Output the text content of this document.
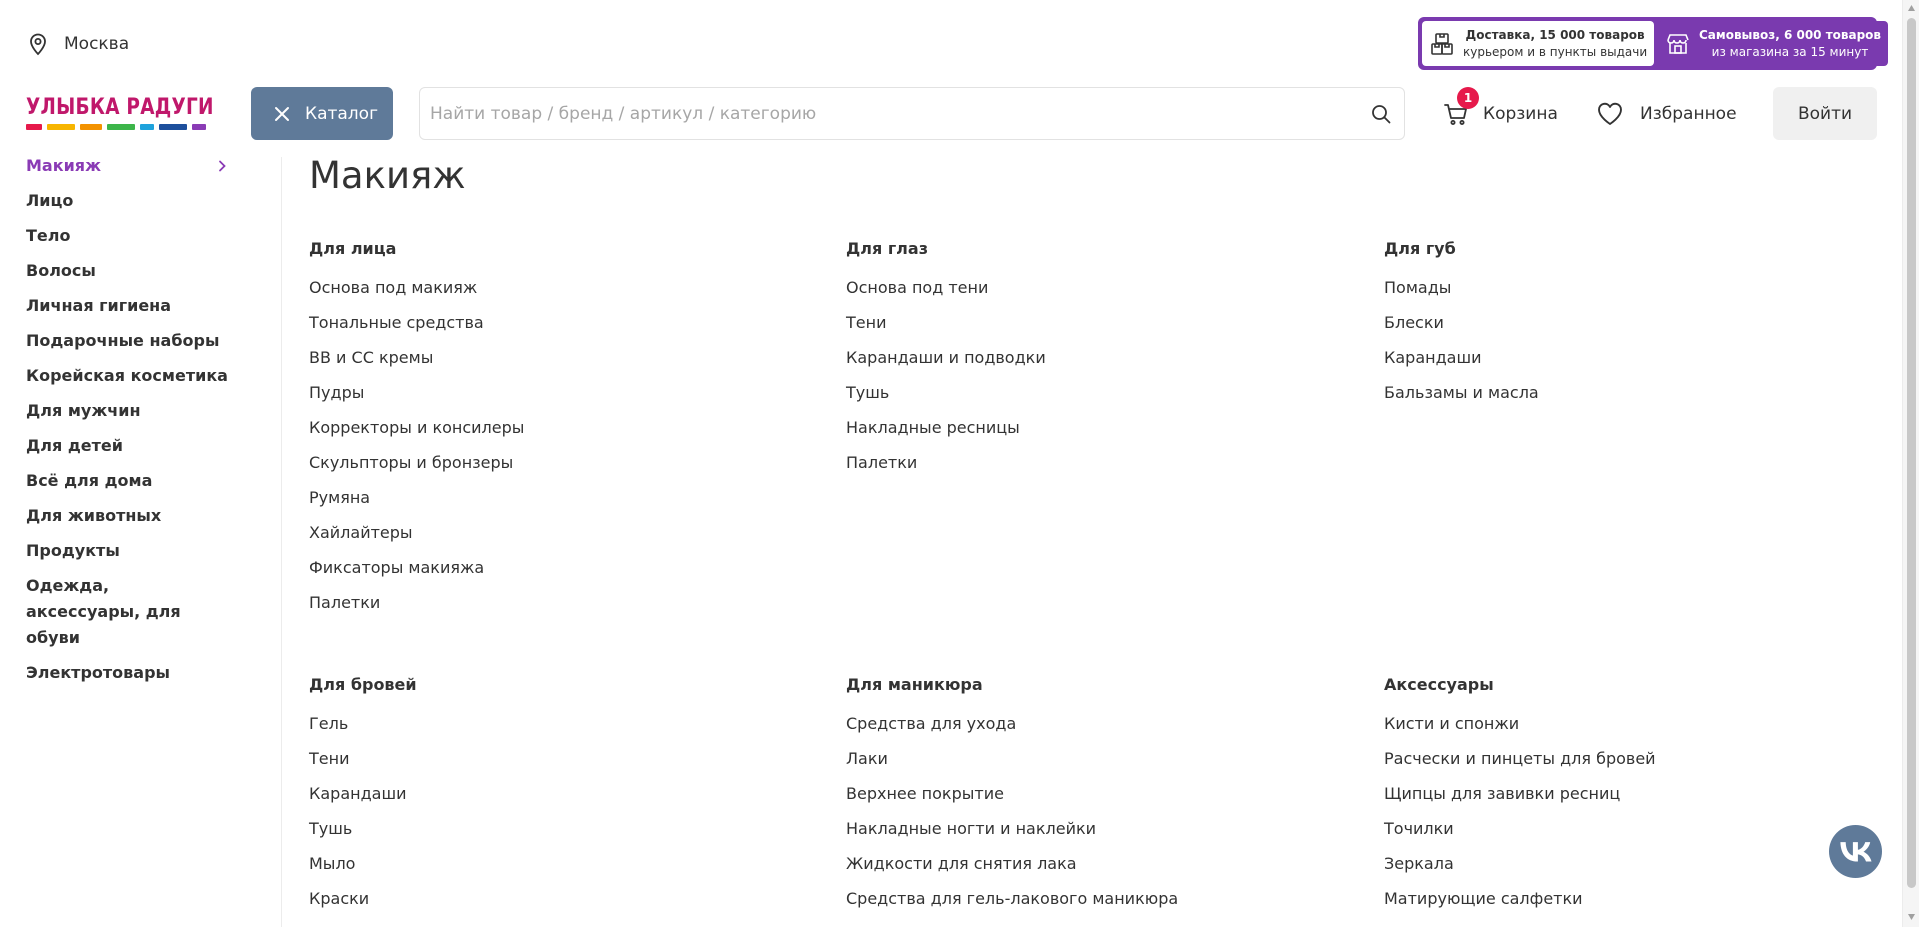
Москва	Доставка, 15 000 товаров
курьером и в пункты выдачи
Самовывоз, 6 000 товаров
из магазина за 15 минут
УЛЫБКА РАДУГИ	Каталог
Найти товар / бренд / артикул / категорию
1
Корзина	Избранное	Войти
Макияж
Лицо
Тело
Волосы
Личная гигиена
Подарочные наборы
Корейская косметика
Для мужчин
Для детей
Всё для дома
Для животных
Продукты
Одежда, аксессуары, для обуви
Электротовары
Макияж
Для лица
Основа под макияж
Тональные средства
BB и CC кремы
Пудры
Корректоры и консилеры
Скульпторы и бронзеры
Румяна
Хайлайтеры
Фиксаторы макияжа
Палетки
Для глаз
Основа под тени
Тени
Карандаши и подводки
Тушь
Накладные ресницы
Палетки
Для губ
Помады
Блески
Карандаши
Бальзамы и масла
Для бровей
Гель
Тени
Карандаши
Тушь
Мыло
Краски
Для маникюра
Средства для ухода
Лаки
Верхнее покрытие
Накладные ногти и наклейки
Жидкости для снятия лака
Средства для гель-лакового маникюра
Аксессуары
Кисти и спонжи
Расчески и пинцеты для бровей
Щипцы для завивки ресниц
Точилки
Зеркала
Матирующие салфетки
